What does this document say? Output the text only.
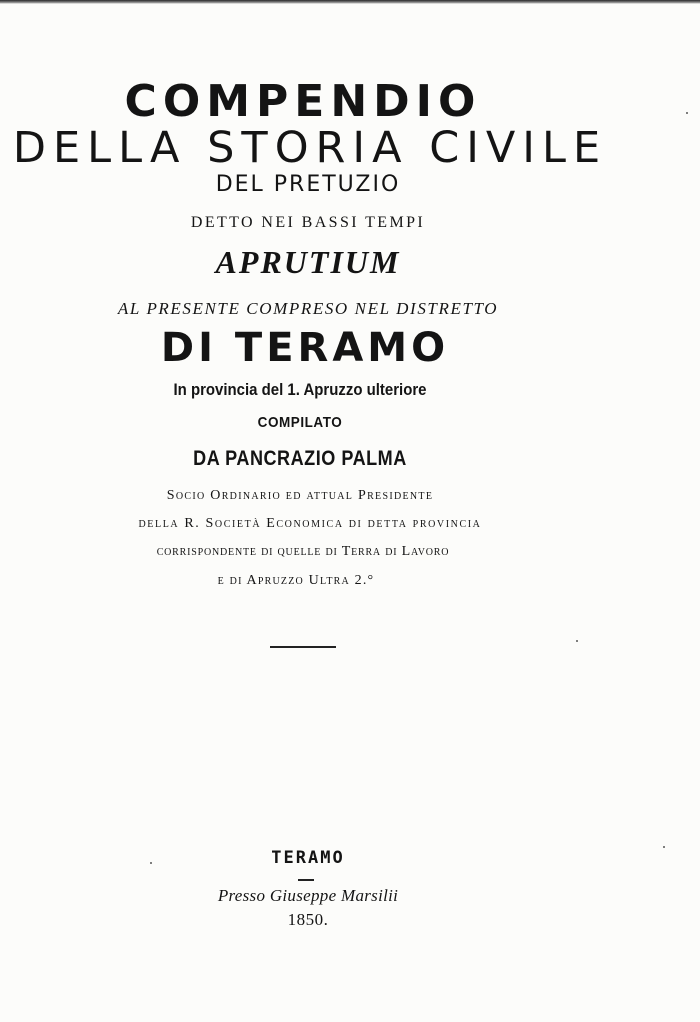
COMPENDIO
DELLA STORIA CIVILE
DEL PRETUZIO
DETTO NEI BASSI TEMPI
APRUTIUM
AL PRESENTE COMPRESO NEL DISTRETTO
DI TERAMO
In provincia del 1. Apruzzo ulteriore
COMPILATO
DA PANCRAZIO PALMA
Socio Ordinario ed attual Presidente
della R. Società Economica di detta provincia
corrispondente di quelle di Terra di Lavoro
e di Apruzzo Ultra 2.°
TERAMO
Presso Giuseppe Marsilii
1850.
